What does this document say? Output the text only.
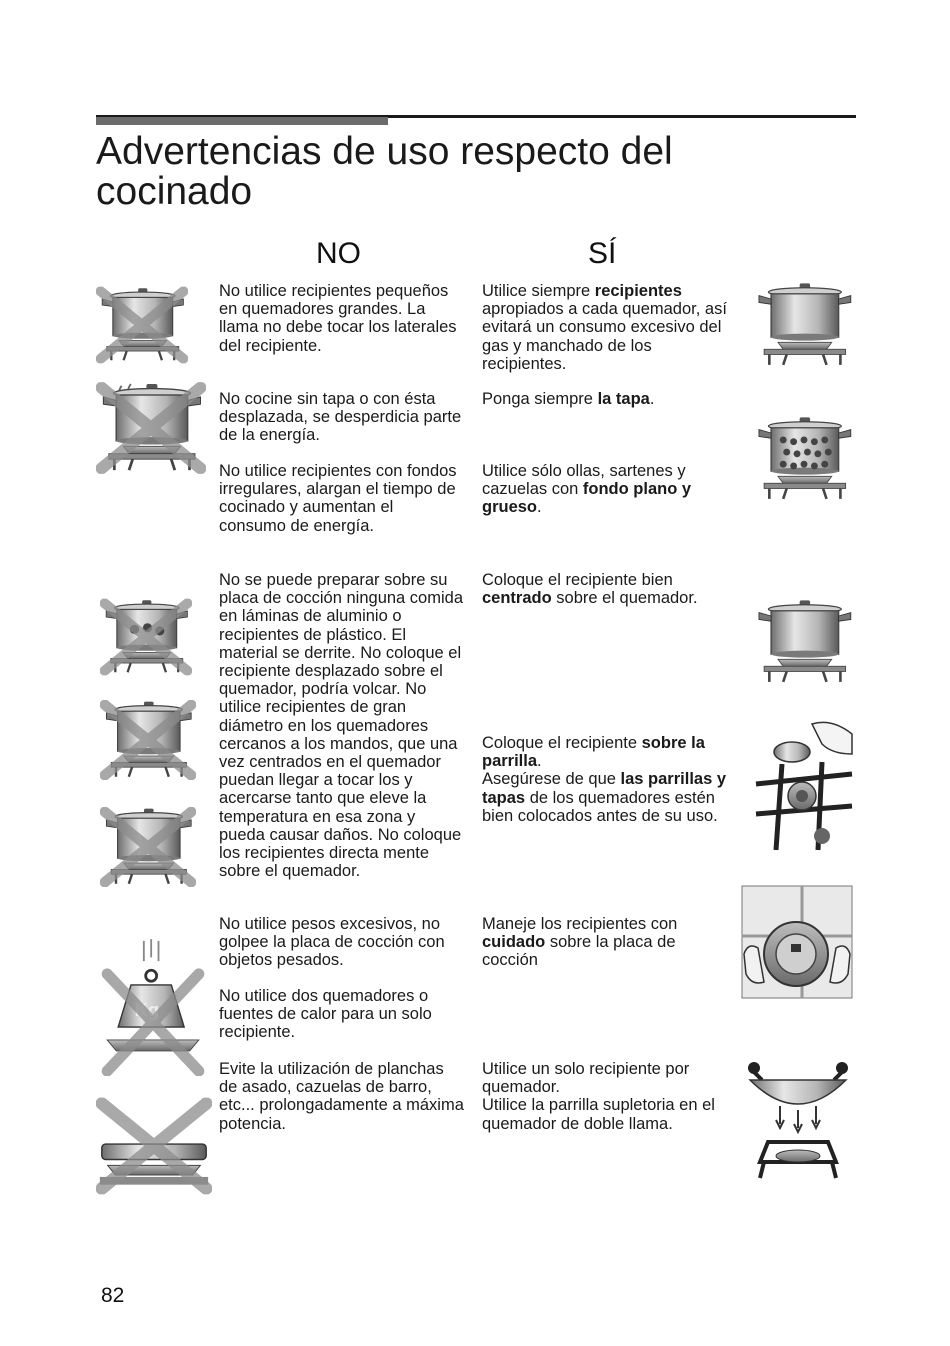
Advertencias de uso respecto del
cocinado
NO	SÍ
No utilice recipientes pequeños en quemadores grandes. La llama no debe tocar los laterales del recipiente.
No cocine sin tapa o con ésta desplazada, se desperdicia parte de la energía.
No utilice recipientes con fondos irregulares, alargan el tiempo de cocinado y aumentan el consumo de energía.
No se puede preparar sobre su placa de cocción ninguna comida en láminas de aluminio o recipientes de plástico. El material se derrite. No coloque el recipiente desplazado sobre el quemador, podría volcar. No utilice recipientes de gran diámetro en los quemadores cercanos a los mandos, que una vez centrados en el quemador puedan llegar a tocar los y acercarse tanto que eleve la temperatura en esa zona y pueda causar daños. No coloque los recipientes directa mente sobre el quemador.
No utilice pesos excesivos, no golpee la placa de cocción con objetos pesados.
No utilice dos quemadores o fuentes de calor para un solo recipiente.
Evite la utilización de planchas de asado, cazuelas de barro, etc... prolongadamente a máxima potencia.
Utilice siempre recipientes apropiados a cada quemador, así evitará un consumo excesivo del gas y manchado de los recipientes.
Ponga siempre la tapa.
Utilice sólo ollas, sartenes y cazuelas con fondo plano y grueso.
Coloque el recipiente bien centrado sobre el quemador.
Coloque el recipiente sobre la parrilla.
Asegúrese de que las parrillas y tapas de los quemadores estén bien colocados antes de su uso.
Maneje los recipientes con cuidado sobre la placa de cocción
Utilice un solo recipiente por quemador.
Utilice la parrilla supletoria en el quemador de doble llama.
82
